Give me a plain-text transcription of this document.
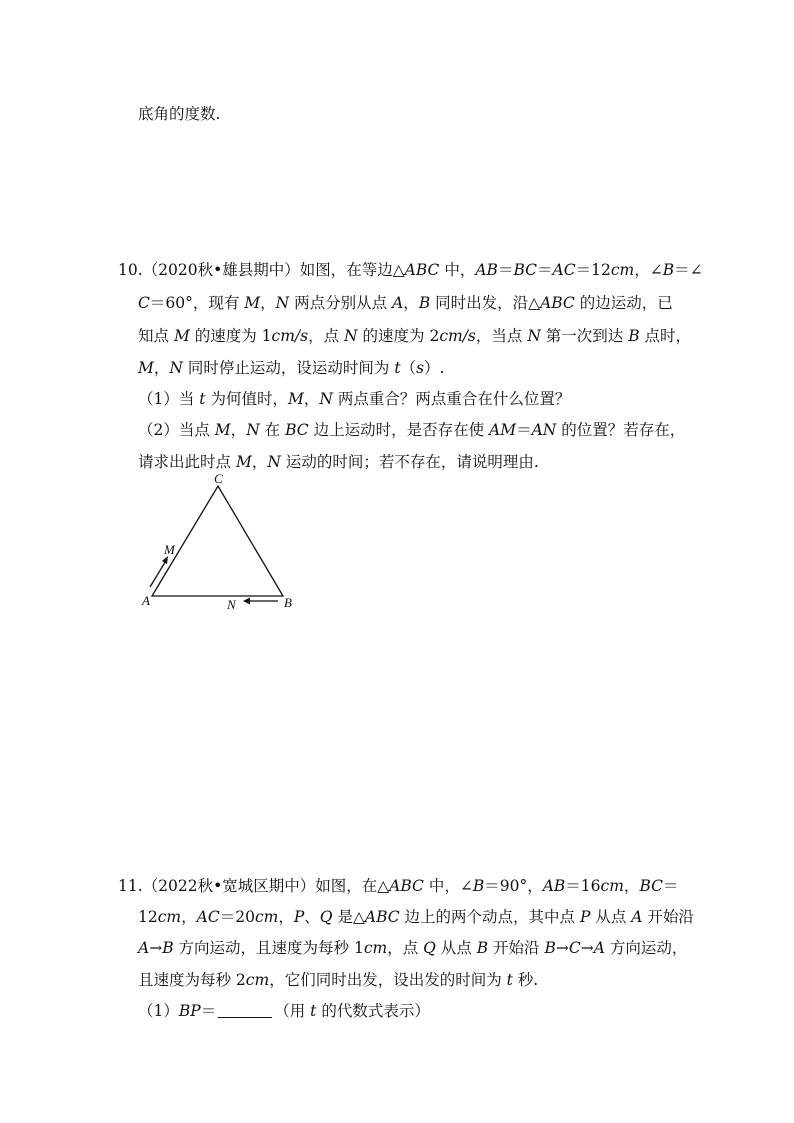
底角的度数.
10.（2020秋•雄县期中）如图，在等边△ABC 中，AB＝BC＝AC＝12cm，∠B＝∠
C＝60°，现有 M，N 两点分别从点 A，B 同时出发，沿△ABC 的边运动，已
知点 M 的速度为 1cm/s，点 N 的速度为 2cm/s，当点 N 第一次到达 B 点时，
M，N 同时停止运动，设运动时间为 t（s）.
（1）当 t 为何值时，M，N 两点重合？两点重合在什么位置？
（2）当点 M，N 在 BC 边上运动时，是否存在使 AM＝AN 的位置？若存在，
请求出此时点 M，N 运动的时间；若不存在，请说明理由.
C
A	B
M
N
11.（2022秋•宽城区期中）如图，在△ABC 中，∠B＝90°，AB＝16cm，BC＝
12cm，AC＝20cm，P、Q 是△ABC 边上的两个动点，其中点 P 从点 A 开始沿
A→B 方向运动，且速度为每秒 1cm，点 Q 从点 B 开始沿 B→C→A 方向运动，
且速度为每秒 2cm，它们同时出发，设出发的时间为 t 秒.
（1）BP＝	（用 t 的代数式表示）
